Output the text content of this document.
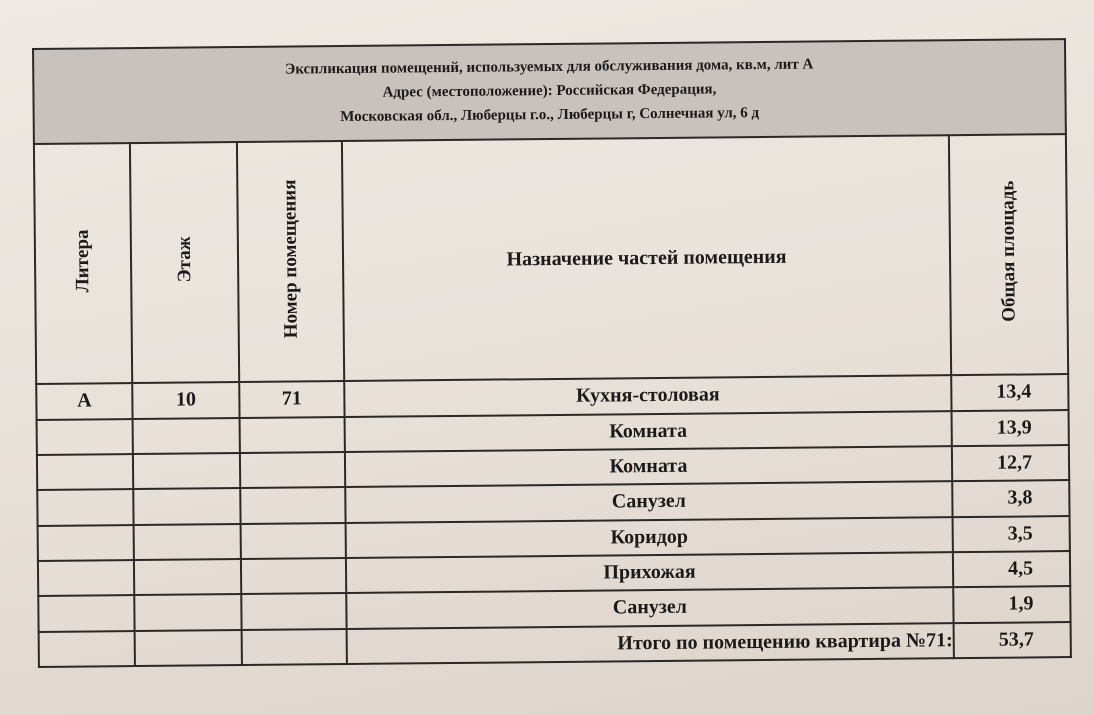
Экспликация помещений, используемых для обслуживания дома, кв.м, лит А
Адрес (местоположение): Российская Федерация,
Московская обл., Люберцы г.о., Люберцы г, Солнечная ул, 6 д				

Литера	Этаж	Номер помещения	Назначение частей помещения	Общая площадь
А	10	71	Кухня-столовая	13,4
			Комната	13,9
			Комната	12,7
			Санузел	3,8
			Коридор	3,5
			Прихожая	4,5
			Санузел	1,9
			Итого по помещению квартира №71:	53,7
